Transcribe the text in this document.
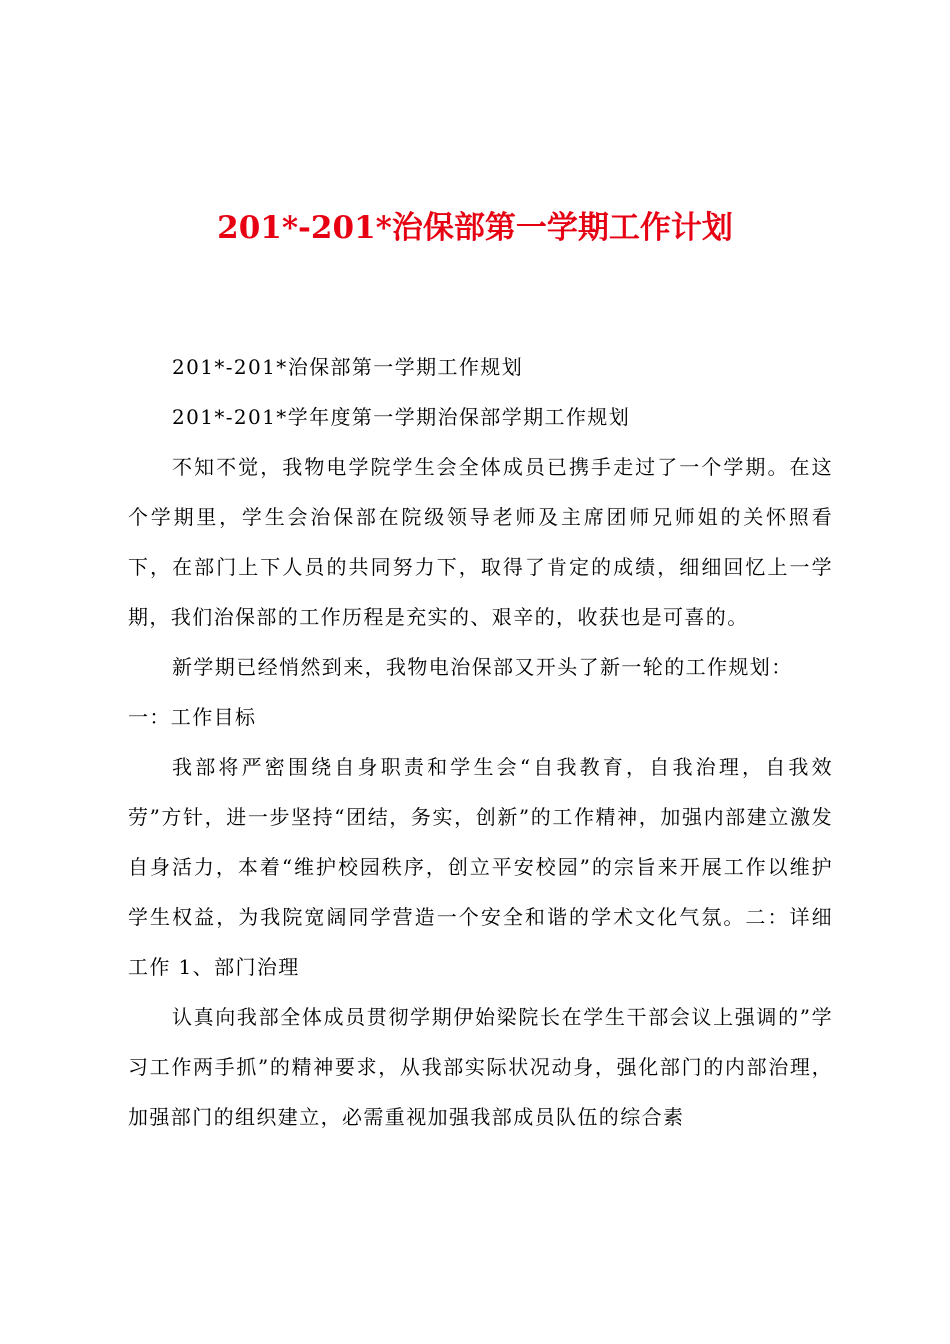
201*-201*治保部第一学期工作计划

201*-201*治保部第一学期工作规划

201*-201*学年度第一学期治保部学期工作规划

不知不觉，我物电学院学生会全体成员已携手走过了一个学期。在这个学期里，学生会治保部在院级领导老师及主席团师兄师姐的关怀照看下，在部门上下人员的共同努力下，取得了肯定的成绩，细细回忆上一学期，我们治保部的工作历程是充实的、艰辛的，收获也是可喜的。

新学期已经悄然到来，我物电治保部又开头了新一轮的工作规划：

一：工作目标

我部将严密围绕自身职责和学生会“自我教育，自我治理，自我效劳”方针，进一步坚持“团结，务实，创新”的工作精神，加强内部建立激发自身活力，本着“维护校园秩序，创立平安校园”的宗旨来开展工作以维护学生权益，为我院宽阔同学营造一个安全和谐的学术文化气氛。二：详细工作 1、部门治理

认真向我部全体成员贯彻学期伊始梁院长在学生干部会议上强调的”学习工作两手抓”的精神要求，从我部实际状况动身，强化部门的内部治理，加强部门的组织建立，必需重视加强我部成员队伍的综合素
